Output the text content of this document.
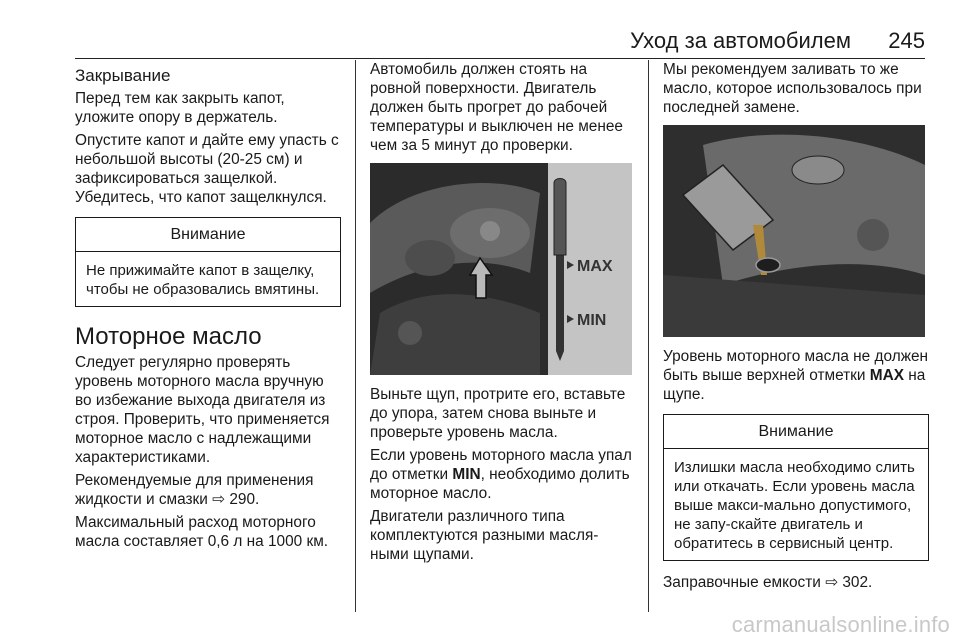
Уход за автомобилем 245
Закрывание

Перед тем как закрыть капот, уложите опору в держатель.

Опустите капот и дайте ему упасть с небольшой высоты (20-25 см) и зафиксироваться защелкой. Убедитесь, что капот защелкнулся.

Внимание
Не прижимайте капот в защелку, чтобы не образовались вмятины.
Моторное масло

Следует регулярно проверять уровень моторного масла вручную во избежание выхода двигателя из строя. Проверить, что применяется моторное масло с надлежащими характеристиками.

Рекомендуемые для применения жидкости и смазки ⇨ 290.

Максимальный расход моторного масла составляет 0,6 л на 1000 км.

Автомобиль должен стоять на ровной поверхности. Двигатель должен быть прогрет до рабочей температуры и выключен не менее чем за 5 минут до проверки.

MAX
MIN

Выньте щуп, протрите его, вставьте до упора, затем снова выньте и проверьте уровень масла.

Если уровень моторного масла упал до отметки MIN, необходимо долить моторное масло.

Двигатели различного типа комплектуются разными масля-ными щупами.

Мы рекомендуем заливать то же масло, которое использовалось при последней замене.

Уровень моторного масла не должен быть выше верхней отметки MAX на щупе.

Внимание
Излишки масла необходимо слить или откачать. Если уровень масла выше макси-мально допустимого, не запу-скайте двигатель и обратитесь в сервисный центр.

Заправочные емкости ⇨ 302.

carmanualsonline.info
